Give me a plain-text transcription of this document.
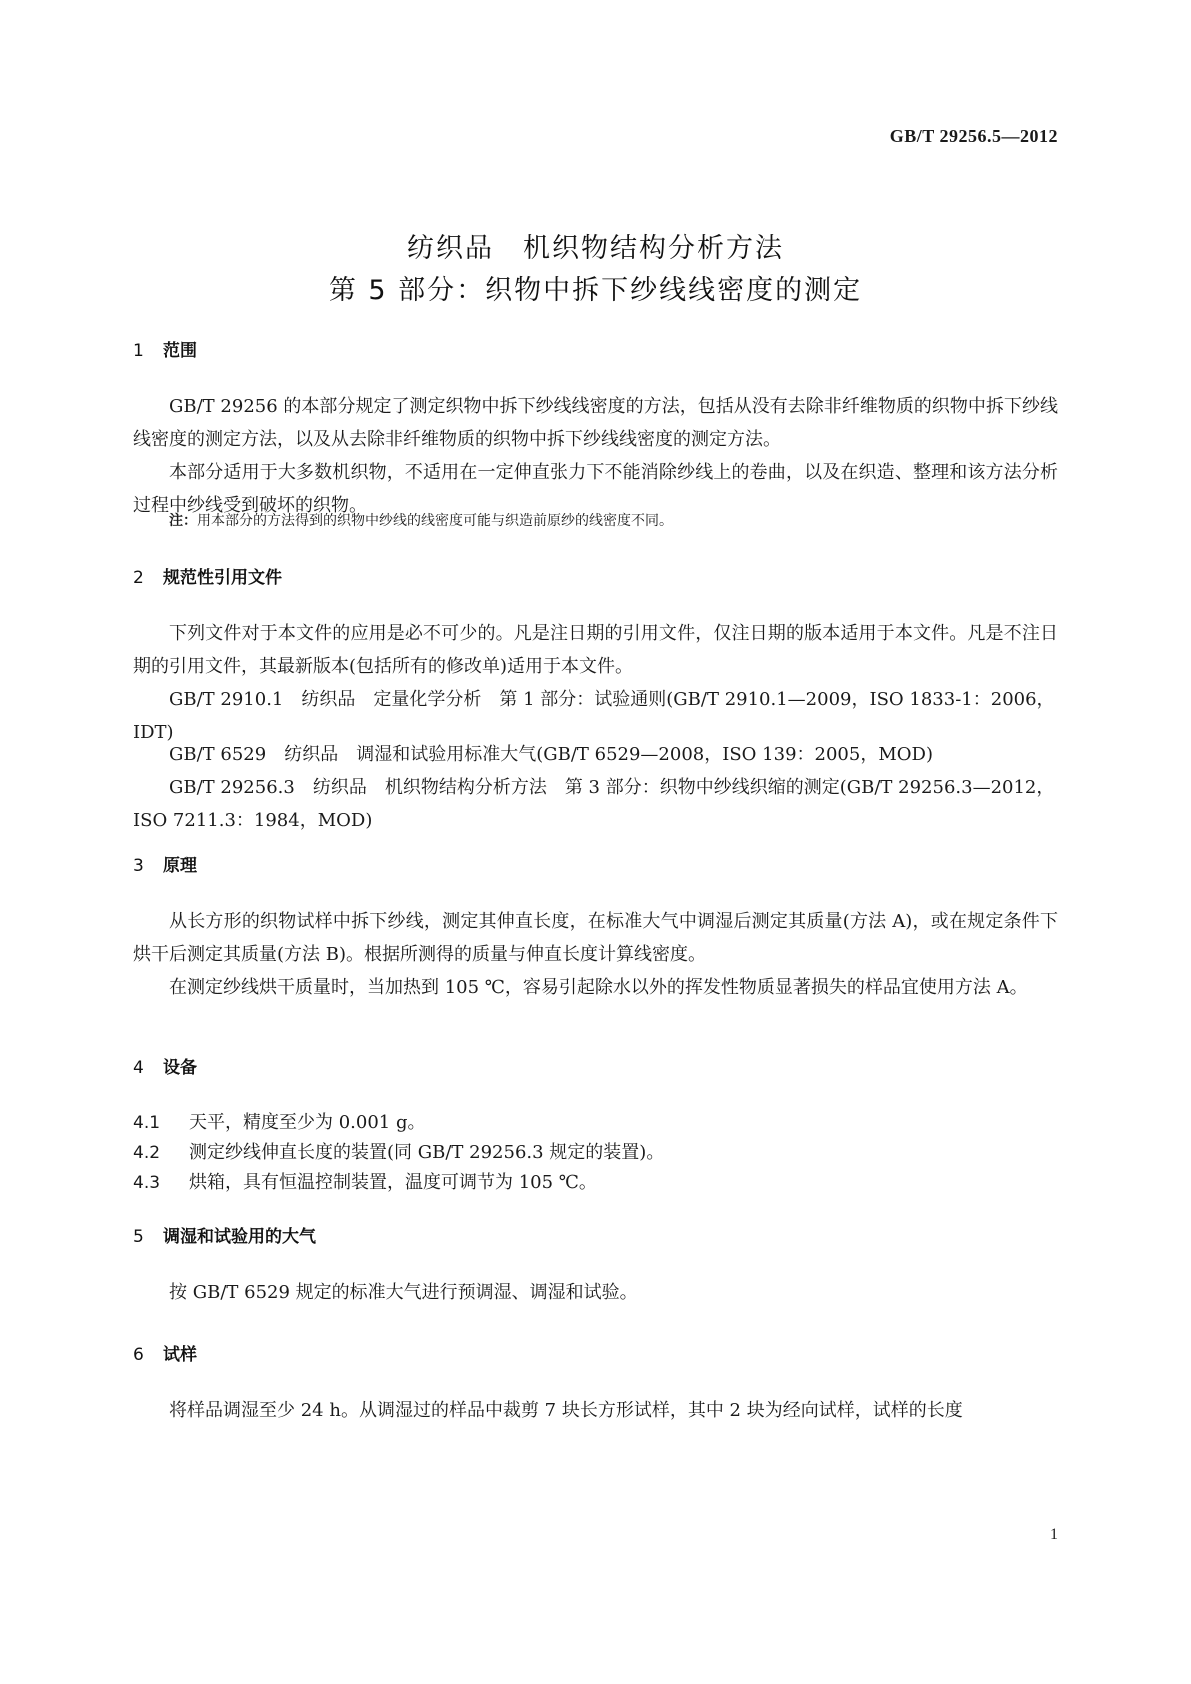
GB/T 29256.5—2012
纺织品　机织物结构分析方法
第 5 部分：织物中拆下纱线线密度的测定
1 范围
GB/T 29256 的本部分规定了测定织物中拆下纱线线密度的方法，包括从没有去除非纤维物质的织物中拆下纱线线密度的测定方法，以及从去除非纤维物质的织物中拆下纱线线密度的测定方法。
本部分适用于大多数机织物，不适用在一定伸直张力下不能消除纱线上的卷曲，以及在织造、整理和该方法分析过程中纱线受到破坏的织物。
注：用本部分的方法得到的织物中纱线的线密度可能与织造前原纱的线密度不同。
2 规范性引用文件
下列文件对于本文件的应用是必不可少的。凡是注日期的引用文件，仅注日期的版本适用于本文件。凡是不注日期的引用文件，其最新版本(包括所有的修改单)适用于本文件。
GB/T 2910.1　纺织品　定量化学分析　第 1 部分：试验通则(GB/T 2910.1—2009，ISO 1833-1：2006，IDT)
GB/T 6529　纺织品　调湿和试验用标准大气(GB/T 6529—2008，ISO 139：2005，MOD)
GB/T 29256.3　纺织品　机织物结构分析方法　第 3 部分：织物中纱线织缩的测定(GB/T 29256.3—2012，ISO 7211.3：1984，MOD)
3 原理
从长方形的织物试样中拆下纱线，测定其伸直长度，在标准大气中调湿后测定其质量(方法 A)，或在规定条件下烘干后测定其质量(方法 B)。根据所测得的质量与伸直长度计算线密度。
在测定纱线烘干质量时，当加热到 105 ℃，容易引起除水以外的挥发性物质显著损失的样品宜使用方法 A。
4 设备
4.1 天平，精度至少为 0.001 g。
4.2 测定纱线伸直长度的装置(同 GB/T 29256.3 规定的装置)。
4.3 烘箱，具有恒温控制装置，温度可调节为 105 ℃。
5 调湿和试验用的大气
按 GB/T 6529 规定的标准大气进行预调湿、调湿和试验。
6 试样
将样品调湿至少 24 h。从调湿过的样品中裁剪 7 块长方形试样，其中 2 块为经向试样，试样的长度
1
